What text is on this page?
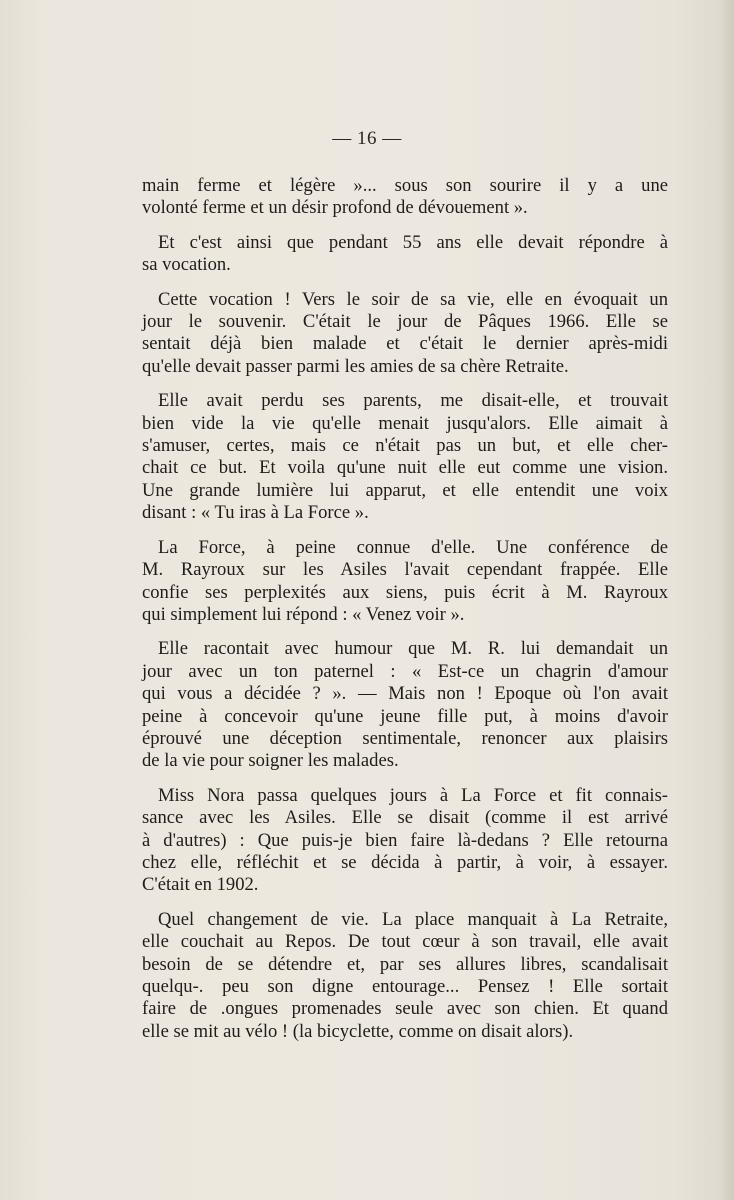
— 16 —

main ferme et légère »... sous son sourire il y a une
volonté ferme et un désir profond de dévouement ».

Et c'est ainsi que pendant 55 ans elle devait répondre à
sa vocation.

Cette vocation ! Vers le soir de sa vie, elle en évoquait un
jour le souvenir. C'était le jour de Pâques 1966. Elle se
sentait déjà bien malade et c'était le dernier après-midi
qu'elle devait passer parmi les amies de sa chère Retraite.

Elle avait perdu ses parents, me disait-elle, et trouvait
bien vide la vie qu'elle menait jusqu'alors. Elle aimait à
s'amuser, certes, mais ce n'était pas un but, et elle cher-
chait ce but. Et voila qu'une nuit elle eut comme une vision.
Une grande lumière lui apparut, et elle entendit une voix
disant : « Tu iras à La Force ».

La Force, à peine connue d'elle. Une conférence de
M. Rayroux sur les Asiles l'avait cependant frappée. Elle
confie ses perplexités aux siens, puis écrit à M. Rayroux
qui simplement lui répond : « Venez voir ».

Elle racontait avec humour que M. R. lui demandait un
jour avec un ton paternel : « Est-ce un chagrin d'amour
qui vous a décidée ? ». — Mais non ! Epoque où l'on avait
peine à concevoir qu'une jeune fille put, à moins d'avoir
éprouvé une déception sentimentale, renoncer aux plaisirs
de la vie pour soigner les malades.

Miss Nora passa quelques jours à La Force et fit connais-
sance avec les Asiles. Elle se disait (comme il est arrivé
à d'autres) : Que puis-je bien faire là-dedans ? Elle retourna
chez elle, réfléchit et se décida à partir, à voir, à essayer.
C'était en 1902.

Quel changement de vie. La place manquait à La Retraite,
elle couchait au Repos. De tout cœur à son travail, elle avait
besoin de se détendre et, par ses allures libres, scandalisait
quelqu-. peu son digne entourage... Pensez ! Elle sortait
faire de .ongues promenades seule avec son chien. Et quand
elle se mit au vélo ! (la bicyclette, comme on disait alors).
